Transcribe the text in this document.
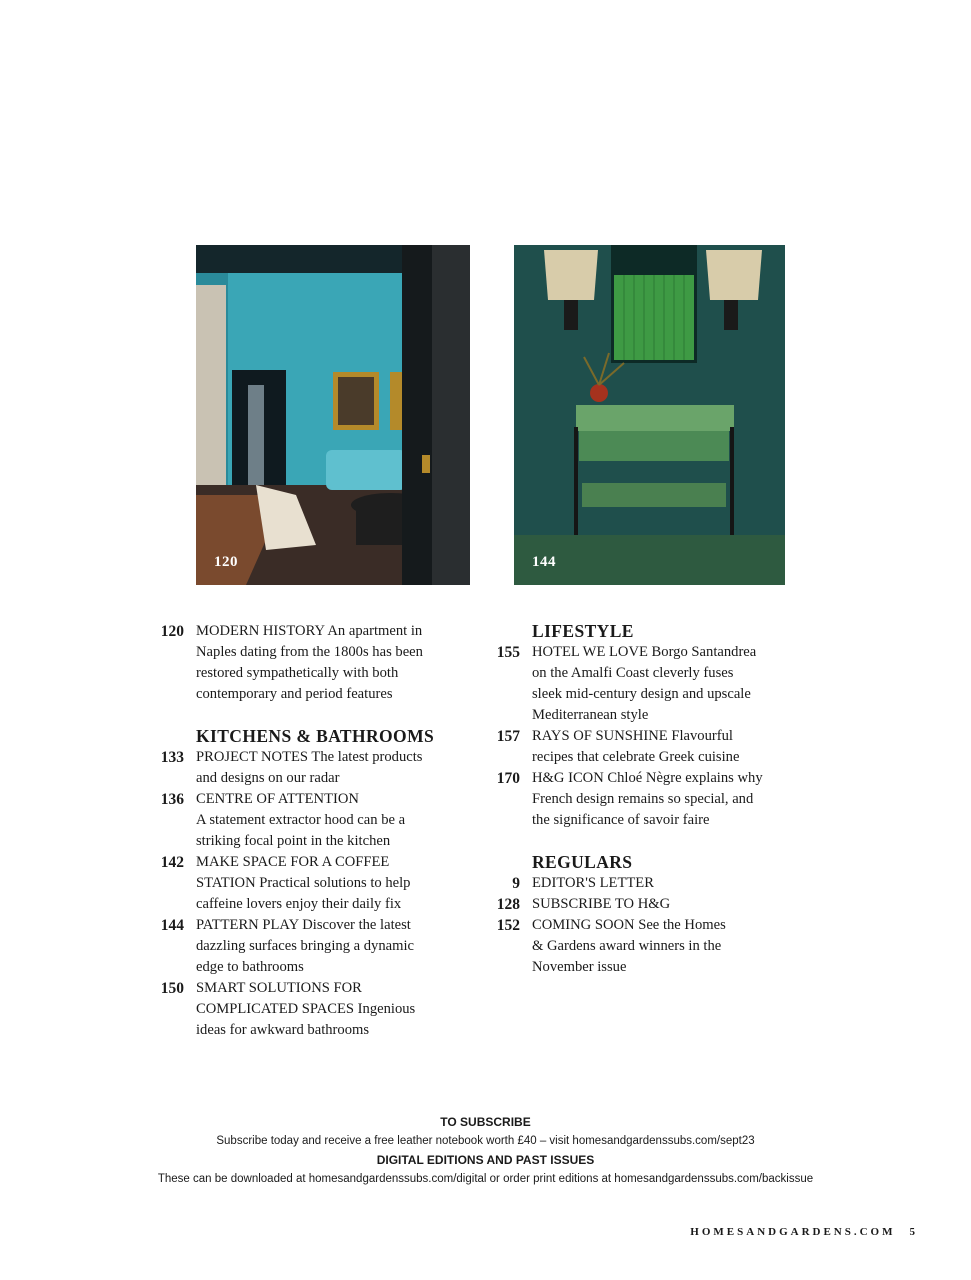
120	144
120 MODERN HISTORY An apartment in
Naples dating from the 1800s has been
restored sympathetically with both
contemporary and period features
KITCHENS & BATHROOMS
133 PROJECT NOTES The latest products
and designs on our radar
136 CENTRE OF ATTENTION
A statement extractor hood can be a
striking focal point in the kitchen
142 MAKE SPACE FOR A COFFEE
STATION Practical solutions to help
caffeine lovers enjoy their daily fix
144 PATTERN PLAY Discover the latest
dazzling surfaces bringing a dynamic
edge to bathrooms
150 SMART SOLUTIONS FOR
COMPLICATED SPACES Ingenious
ideas for awkward bathrooms
LIFESTYLE
155 HOTEL WE LOVE Borgo Santandrea
on the Amalfi Coast cleverly fuses
sleek mid-century design and upscale
Mediterranean style
157 RAYS OF SUNSHINE Flavourful
recipes that celebrate Greek cuisine
170 H&G ICON Chloé Nègre explains why
French design remains so special, and
the significance of savoir faire
REGULARS
9 EDITOR'S LETTER
128 SUBSCRIBE TO H&G
152 COMING SOON See the Homes
& Gardens award winners in the
November issue
TO SUBSCRIBE
Subscribe today and receive a free leather notebook worth £40 – visit homesandgardenssubs.com/sept23
DIGITAL EDITIONS AND PAST ISSUES
These can be downloaded at homesandgardenssubs.com/digital or order print editions at homesandgardenssubs.com/backissue
HOMESANDGARDENS.COM 5
